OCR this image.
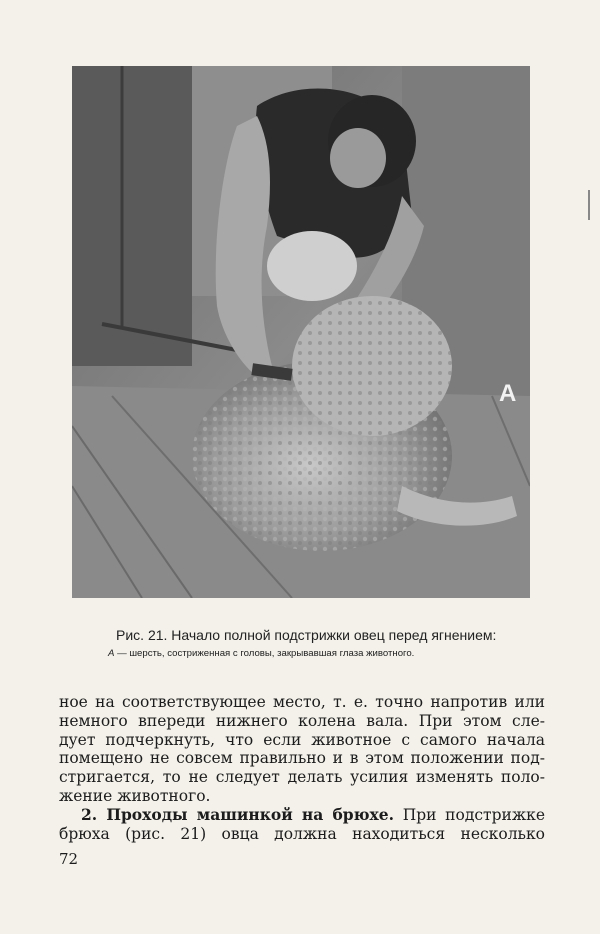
A
Рис. 21. Начало полной подстрижки овец перед ягнением:
А — шерсть, состриженная с головы, закрывавшая глаза животного.
ное на соответствующее место, т. е. точно напротив или
немного впереди нижнего колена вала. При этом сле-
дует подчеркнуть, что если животное с самого начала
помещено не совсем правильно и в этом положении под-
стригается, то не следует делать усилия изменять поло-
жение животного.
2. Проходы машинкой на брюхе. При подстрижке
брюха (рис. 21) овца должна находиться несколько
72
